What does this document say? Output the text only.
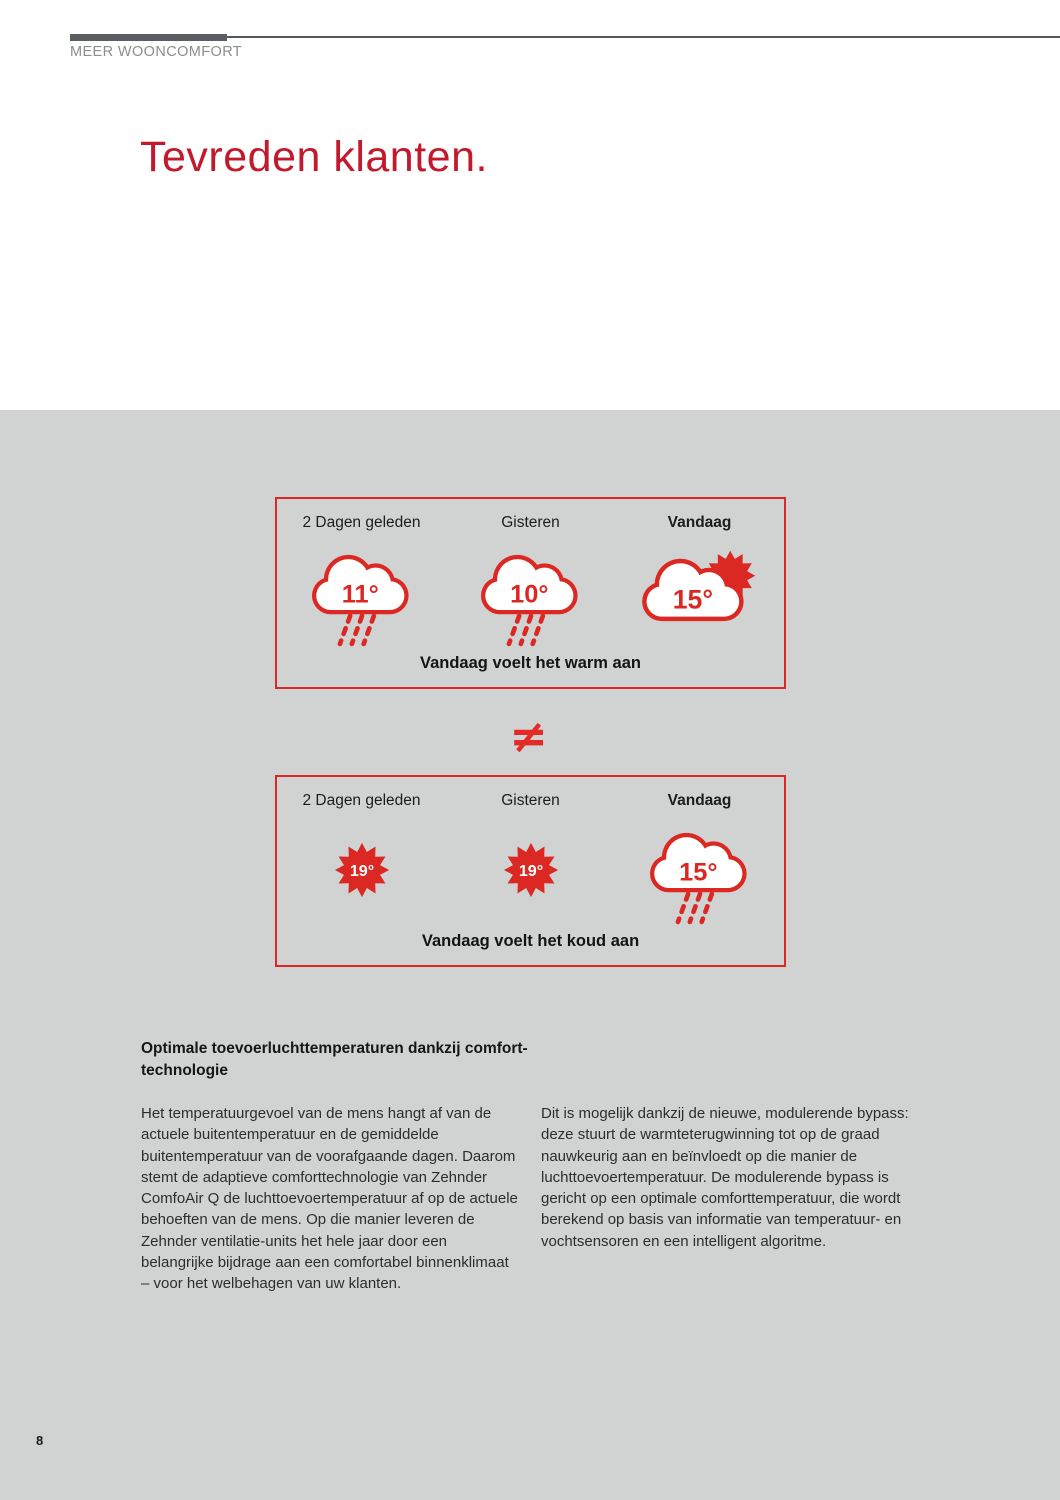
MEER WOONCOMFORT
Tevreden klanten.
2 Dagen geleden	Gisteren	Vandaag
11°	10°	15°
Vandaag voelt het warm aan
≠
2 Dagen geleden	Gisteren	Vandaag
19°	19°	15°
Vandaag voelt het koud aan
Optimale toevoerluchttemperaturen dankzij comfort-technologie
Het temperatuurgevoel van de mens hangt af van de actuele buitentemperatuur en de gemiddelde buitentemperatuur van de voorafgaande dagen. Daarom stemt de adaptieve comforttechnologie van Zehnder ComfoAir Q de luchttoevoertemperatuur af op de actuele behoeften van de mens. Op die manier leveren de Zehnder ventilatie-units het hele jaar door een belangrijke bijdrage aan een comfortabel binnenklimaat – voor het welbehagen van uw klanten.
Dit is mogelijk dankzij de nieuwe, modulerende bypass: deze stuurt de warmteterugwinning tot op de graad nauwkeurig aan en beïnvloedt op die manier de luchttoevoertemperatuur. De modulerende bypass is gericht op een optimale comforttemperatuur, die wordt berekend op basis van informatie van temperatuur- en vochtsensoren en een intelligent algoritme.
8
